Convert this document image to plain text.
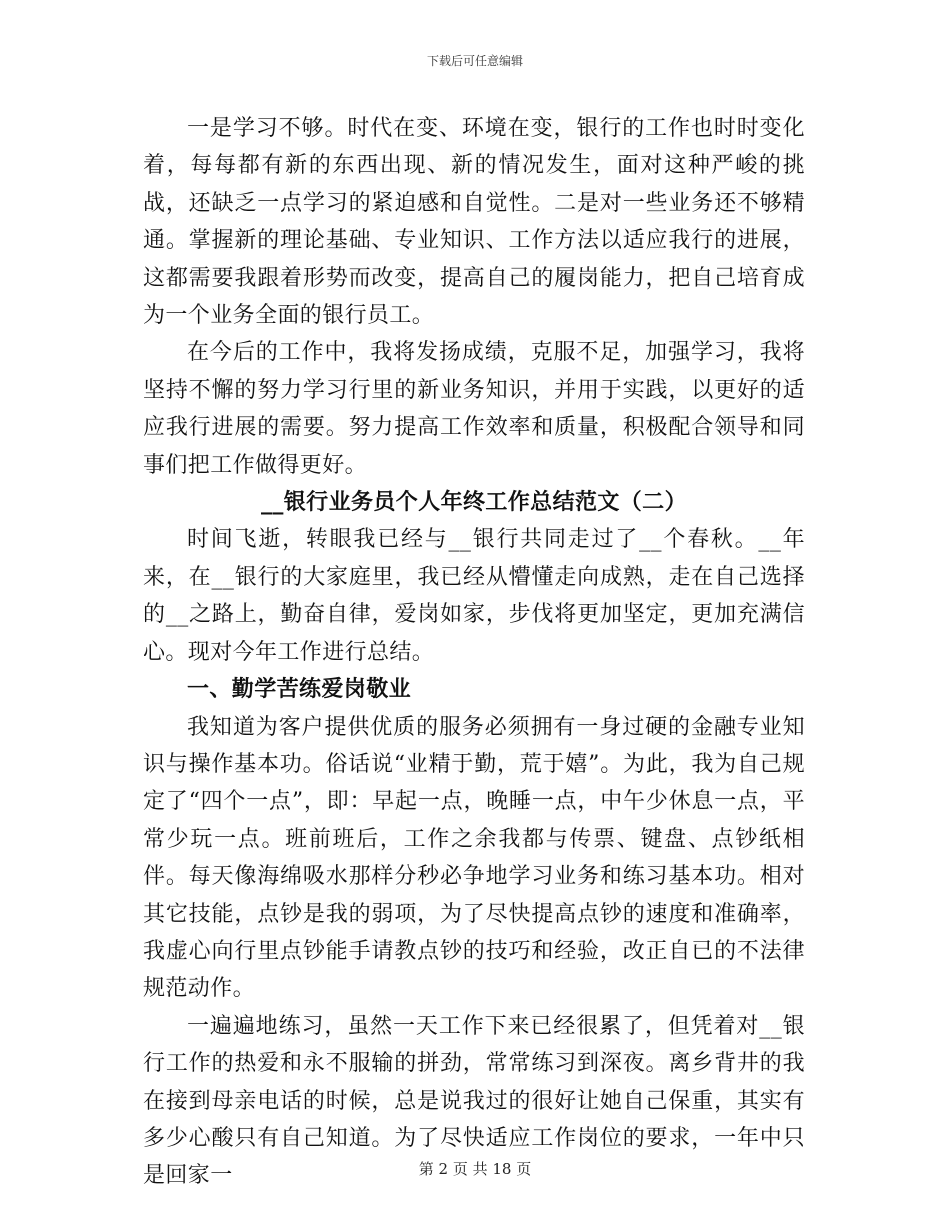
下载后可任意编辑

一是学习不够。时代在变、环境在变，银行的工作也时时变化着，每每都有新的东西出现、新的情况发生，面对这种严峻的挑战，还缺乏一点学习的紧迫感和自觉性。二是对一些业务还不够精通。掌握新的理论基础、专业知识、工作方法以适应我行的进展，这都需要我跟着形势而改变，提高自己的履岗能力，把自己培育成为一个业务全面的银行员工。

在今后的工作中，我将发扬成绩，克服不足，加强学习，我将坚持不懈的努力学习行里的新业务知识，并用于实践，以更好的适应我行进展的需要。努力提高工作效率和质量，积极配合领导和同事们把工作做得更好。

__银行业务员个人年终工作总结范文（二）

时间飞逝，转眼我已经与__银行共同走过了__个春秋。__年来，在__银行的大家庭里，我已经从懵懂走向成熟，走在自己选择的__之路上，勤奋自律，爱岗如家，步伐将更加坚定，更加充满信心。现对今年工作进行总结。

一、勤学苦练爱岗敬业

我知道为客户提供优质的服务必须拥有一身过硬的金融专业知识与操作基本功。俗话说“业精于勤，荒于嬉”。为此，我为自己规定了“四个一点”，即：早起一点，晚睡一点，中午少休息一点，平常少玩一点。班前班后，工作之余我都与传票、键盘、点钞纸相伴。每天像海绵吸水那样分秒必争地学习业务和练习基本功。相对其它技能，点钞是我的弱项，为了尽快提高点钞的速度和准确率，我虚心向行里点钞能手请教点钞的技巧和经验，改正自已的不法律规范动作。

一遍遍地练习，虽然一天工作下来已经很累了，但凭着对__银行工作的热爱和永不服输的拼劲，常常练习到深夜。离乡背井的我在接到母亲电话的时候，总是说我过的很好让她自己保重，其实有多少心酸只有自己知道。为了尽快适应工作岗位的要求，一年中只是回家一	第 2 页 共 18 页
